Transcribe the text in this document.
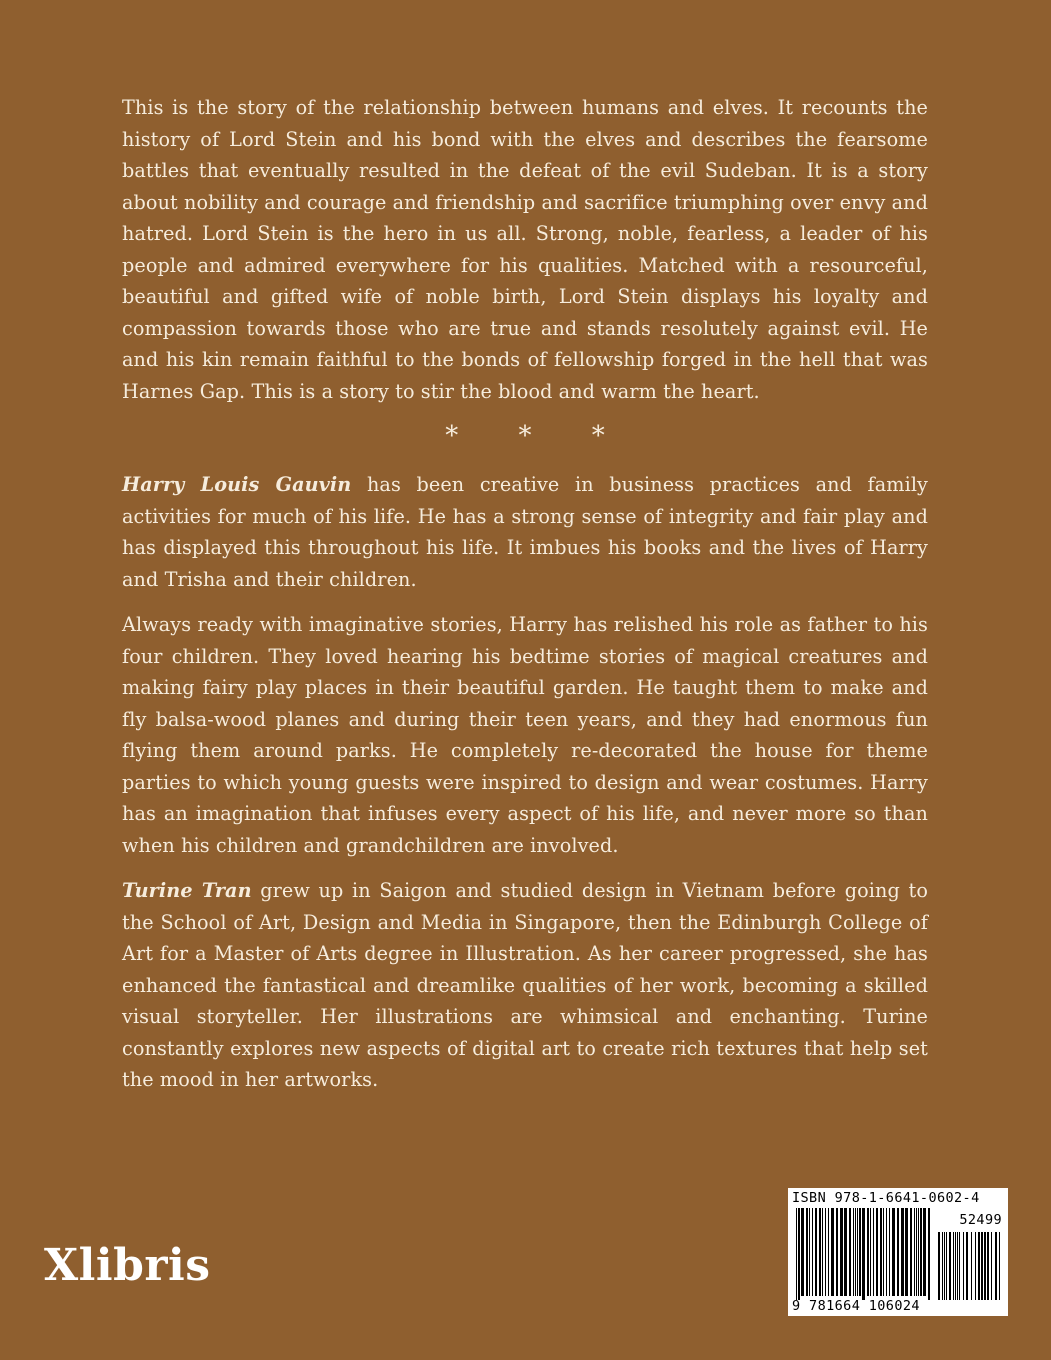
This is the story of the relationship between humans and elves. It recounts the history of Lord Stein and his bond with the elves and describes the fearsome battles that eventually resulted in the defeat of the evil Sudeban. It is a story about nobility and courage and friendship and sacrifice triumphing over envy and hatred. Lord Stein is the hero in us all. Strong, noble, fearless, a leader of his people and admired everywhere for his qualities. Matched with a resourceful, beautiful and gifted wife of noble birth, Lord Stein displays his loyalty and compassion towards those who are true and stands resolutely against evil. He and his kin remain faithful to the bonds of fellowship forged in the hell that was Harnes Gap. This is a story to stir the blood and warm the heart.

* * *

Harry Louis Gauvin has been creative in business practices and family activities for much of his life. He has a strong sense of integrity and fair play and has displayed this throughout his life. It imbues his books and the lives of Harry and Trisha and their children.

Always ready with imaginative stories, Harry has relished his role as father to his four children. They loved hearing his bedtime stories of magical creatures and making fairy play places in their beautiful garden. He taught them to make and fly balsa-wood planes and during their teen years, and they had enormous fun flying them around parks. He completely re-decorated the house for theme parties to which young guests were inspired to design and wear costumes. Harry has an imagination that infuses every aspect of his life, and never more so than when his children and grandchildren are involved.

Turine Tran grew up in Saigon and studied design in Vietnam before going to the School of Art, Design and Media in Singapore, then the Edinburgh College of Art for a Master of Arts degree in Illustration. As her career progressed, she has enhanced the fantastical and dreamlike qualities of her work, becoming a skilled visual storyteller. Her illustrations are whimsical and enchanting. Turine constantly explores new aspects of digital art to create rich textures that help set the mood in her artworks.

Xlibris
ISBN 978-1-6641-0602-4
52499
9 781664 106024
